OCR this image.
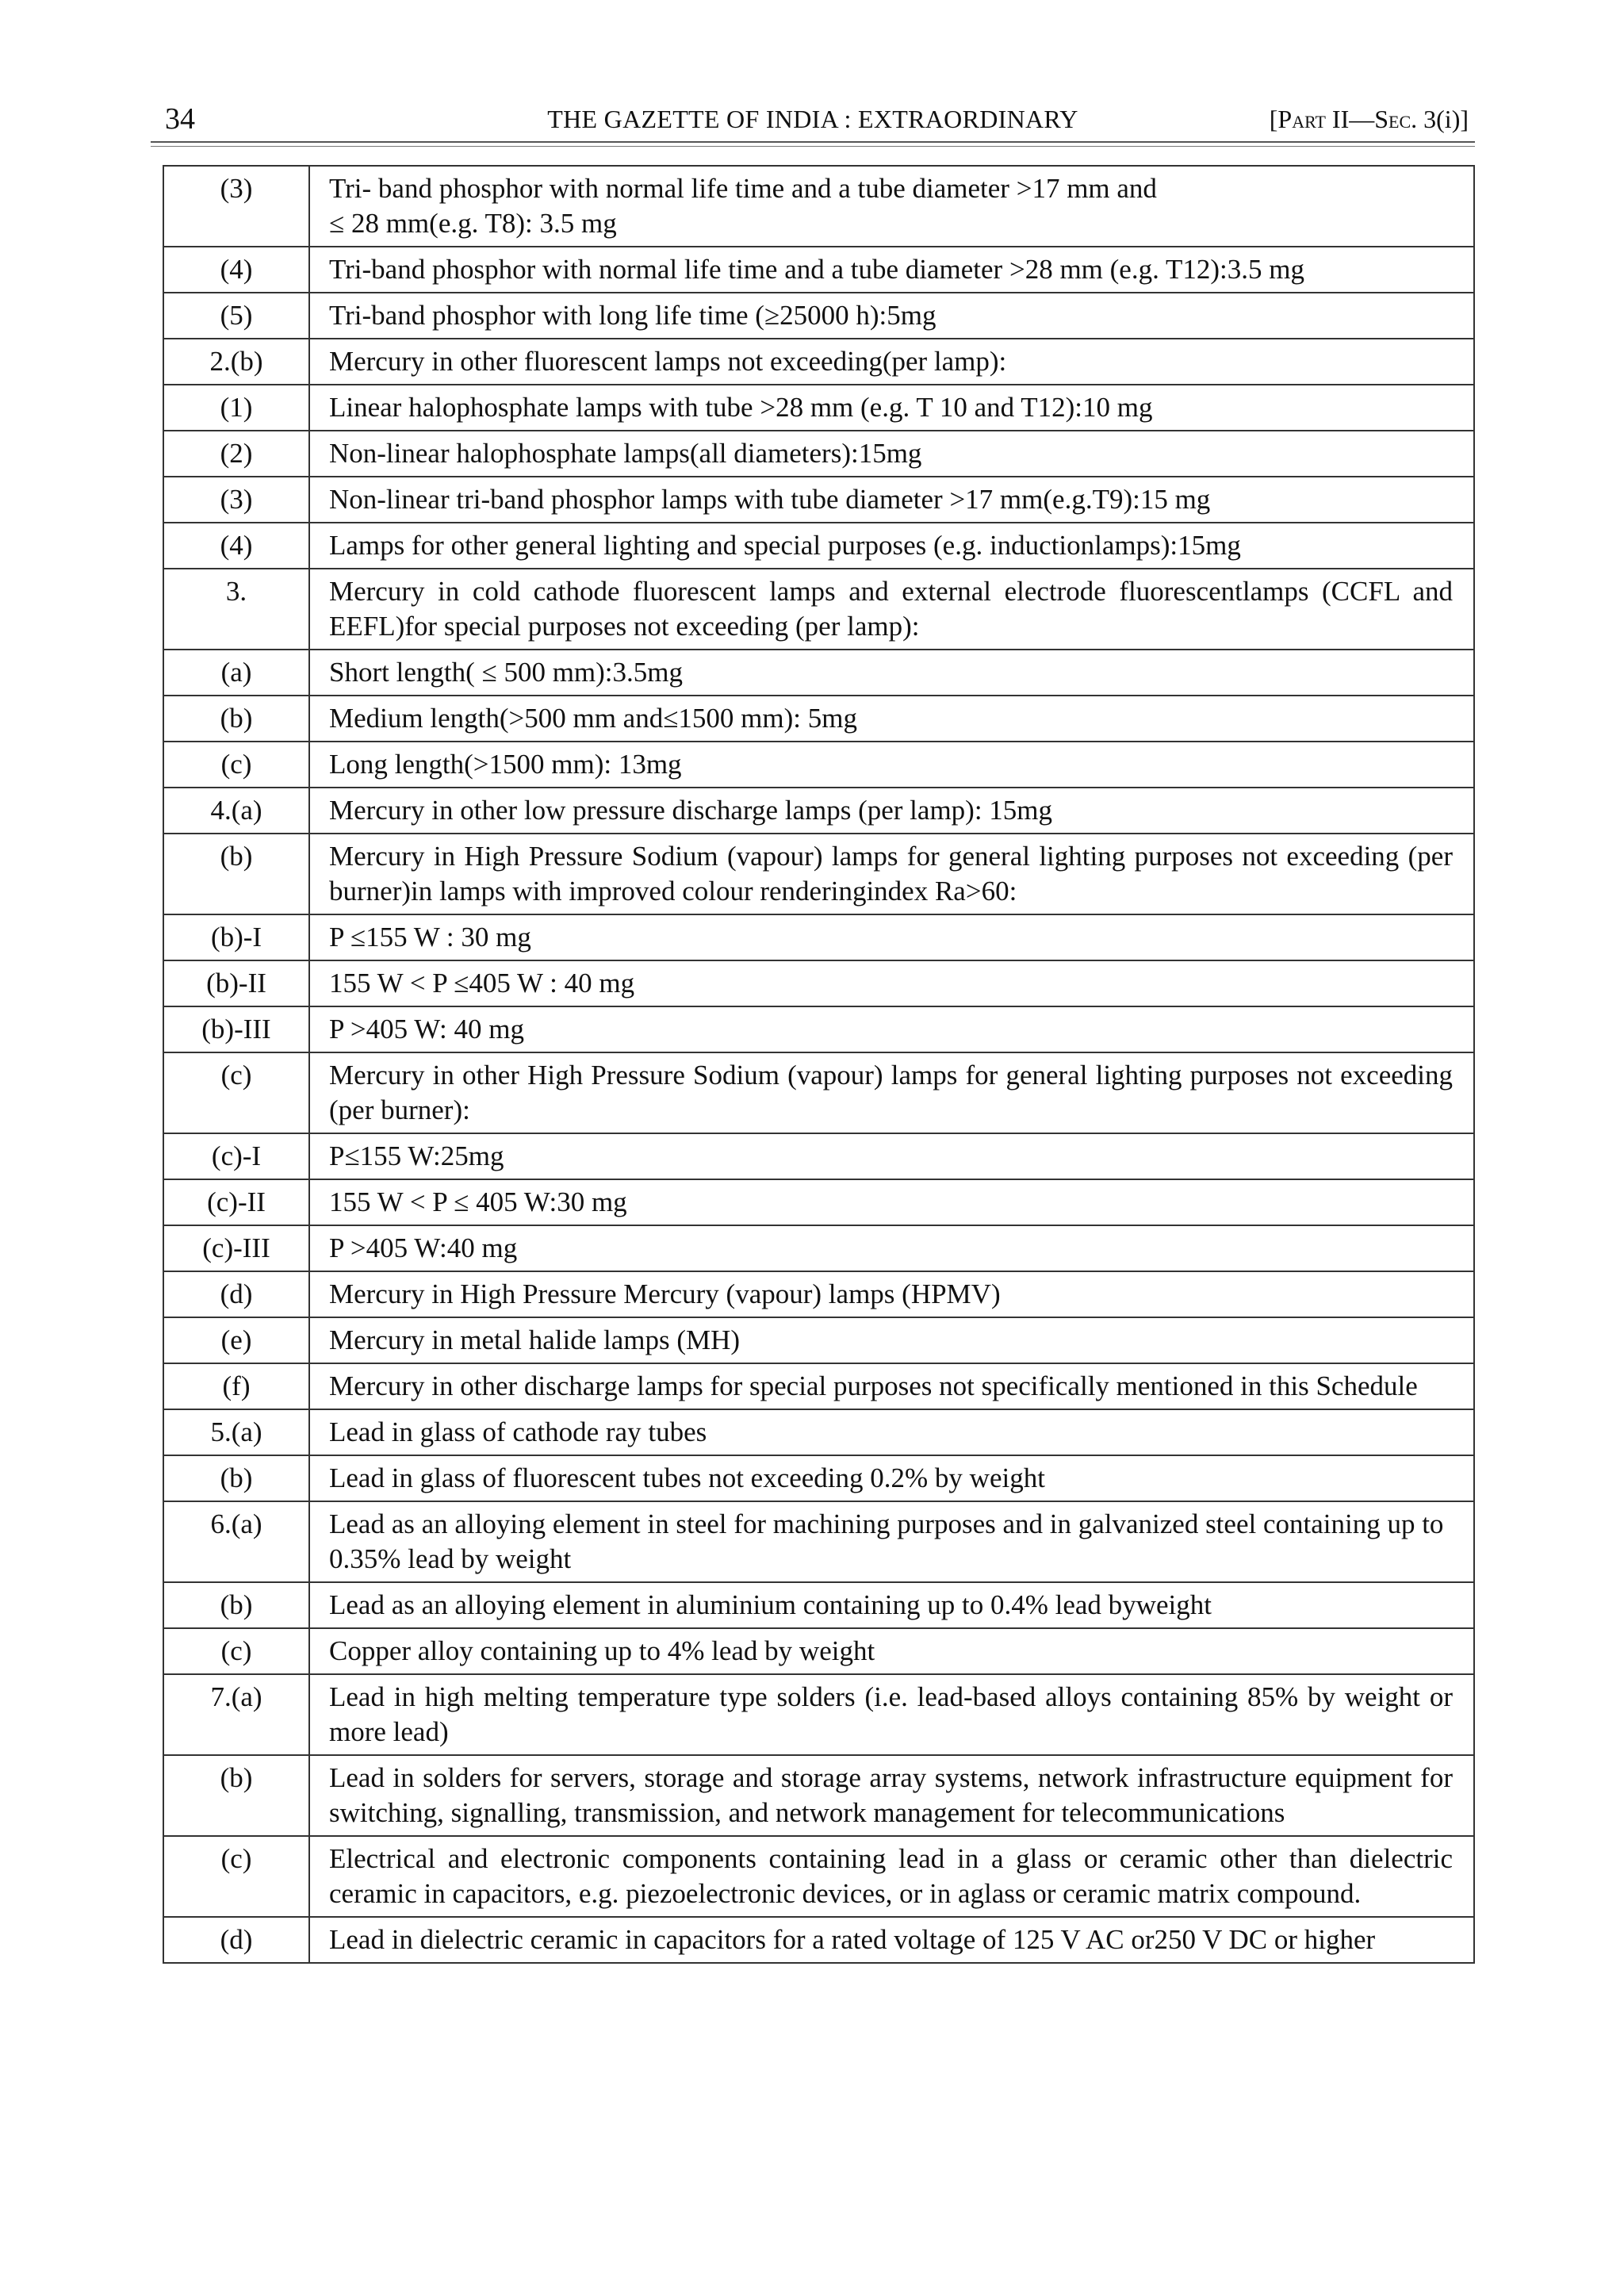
34	THE GAZETTE OF INDIA : EXTRAORDINARY	[Part II—Sec. 3(i)]
(3)	Tri- band phosphor with normal life time and a tube diameter >17 mm and
≤ 28 mm(e.g. T8): 3.5 mg
(4)	Tri-band phosphor with normal life time and a tube diameter >28 mm (e.g. T12):3.5 mg
(5)	Tri-band phosphor with long life time (≥25000 h):5mg
2.(b)	Mercury in other fluorescent lamps not exceeding(per lamp):
(1)	Linear halophosphate lamps with tube >28 mm (e.g. T 10 and T12):10 mg
(2)	Non-linear halophosphate lamps(all diameters):15mg
(3)	Non-linear tri-band phosphor lamps with tube diameter >17 mm(e.g.T9):15 mg
(4)	Lamps for other general lighting and special purposes (e.g. inductionlamps):15mg
3.	Mercury in cold cathode fluorescent lamps and external electrode fluorescentlamps (CCFL and EEFL)for special purposes not exceeding (per lamp):
(a)	Short length( ≤ 500 mm):3.5mg
(b)	Medium length(>500 mm and≤1500 mm): 5mg
(c)	Long length(>1500 mm): 13mg
4.(a)	Mercury in other low pressure discharge lamps (per lamp): 15mg
(b)	Mercury in High Pressure Sodium (vapour) lamps for general lighting purposes not exceeding (per burner)in lamps with improved colour renderingindex Ra>60:
(b)-I	P ≤155 W : 30 mg
(b)-II	155 W < P ≤405 W : 40 mg
(b)-III	P >405 W: 40 mg
(c)	Mercury in other High Pressure Sodium (vapour) lamps for general lighting purposes not exceeding (per burner):
(c)-I	P≤155 W:25mg
(c)-II	155 W < P ≤ 405 W:30 mg
(c)-III	P >405 W:40 mg
(d)	Mercury in High Pressure Mercury (vapour) lamps (HPMV)
(e)	Mercury in metal halide lamps (MH)
(f)	Mercury in other discharge lamps for special purposes not specifically mentioned in this Schedule
5.(a)	Lead in glass of cathode ray tubes
(b)	Lead in glass of fluorescent tubes not exceeding 0.2% by weight
6.(a)	Lead as an alloying element in steel for machining purposes and in galvanized steel containing up to 0.35% lead by weight
(b)	Lead as an alloying element in aluminium containing up to 0.4% lead byweight
(c)	Copper alloy containing up to 4% lead by weight
7.(a)	Lead in high melting temperature type solders (i.e. lead-based alloys containing 85% by weight or more lead)
(b)	Lead in solders for servers, storage and storage array systems, network infrastructure equipment for switching, signalling, transmission, and network management for telecommunications
(c)	Electrical and electronic components containing lead in a glass or ceramic other than dielectric ceramic in capacitors, e.g. piezoelectronic devices, or in aglass or ceramic matrix compound.
(d)	Lead in dielectric ceramic in capacitors for a rated voltage of 125 V AC or250 V DC or higher
